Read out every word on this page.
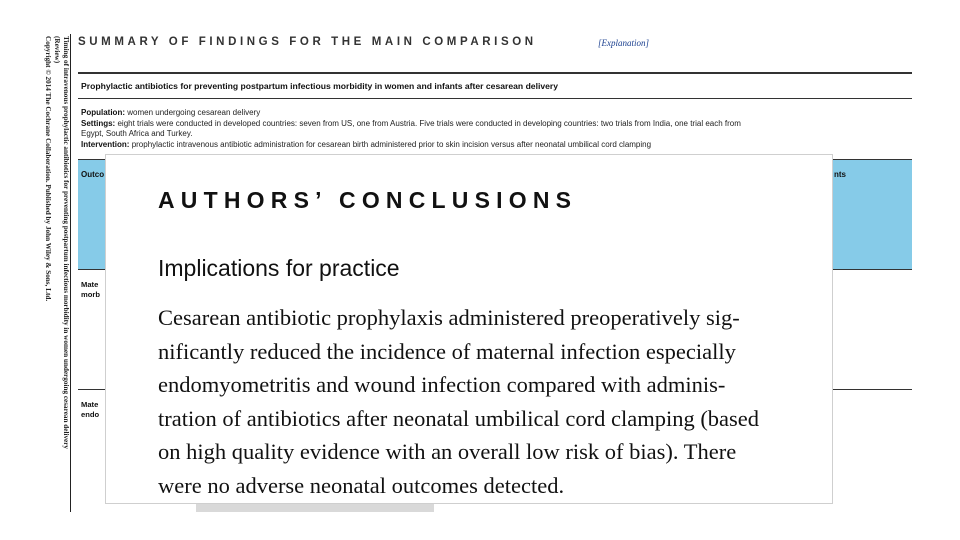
Timing of intravenous prophylactic antibiotics for preventing postpartum infectious morbidity in women undergoing cesarean delivery
(Review)
Copyright © 2014 The Cochrane Collaboration. Published by John Wiley & Sons, Ltd. SUMMARY OF FINDINGS FOR THE MAIN COMPARISON	[Explanation]
Prophylactic antibiotics for preventing postpartum infectious morbidity in women and infants after cesarean delivery
Population: women undergoing cesarean delivery
Settings: eight trials were conducted in developed countries: seven from US, one from Austria. Five trials were conducted in developing countries: two trials from India, one trial each from
Egypt, South Africa and Turkey.
Intervention: prophylactic intravenous antibiotic administration for cesarean birth administered prior to skin incision versus after neonatal umbilical cord clamping
Outco	nts
Mate
morb
Mate
endo
AUTHORS’ CONCLUSIONS
Implications for practice
Cesarean antibiotic prophylaxis administered preoperatively sig-
nificantly reduced the incidence of maternal infection especially
endomyometritis and wound infection compared with adminis-
tration of antibiotics after neonatal umbilical cord clamping (based
on high quality evidence with an overall low risk of bias). There
were no adverse neonatal outcomes detected.
